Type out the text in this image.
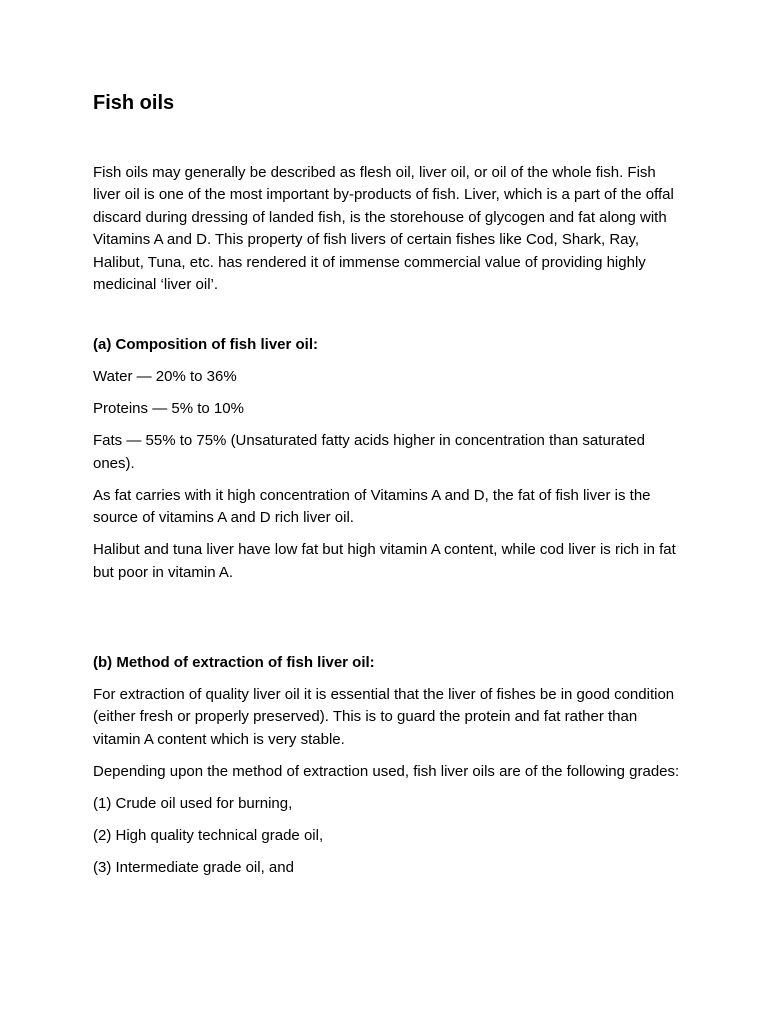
Fish oils

Fish oils may generally be described as flesh oil, liver oil, or oil of the whole fish. Fish liver oil is one of the most important by-products of fish. Liver, which is a part of the offal discard during dressing of landed fish, is the storehouse of glycogen and fat along with Vitamins A and D. This property of fish livers of certain fishes like Cod, Shark, Ray, Halibut, Tuna, etc. has rendered it of immense commercial value of providing highly medicinal ‘liver oil’.

(a) Composition of fish liver oil:

Water — 20% to 36%

Proteins — 5% to 10%

Fats — 55% to 75% (Unsaturated fatty acids higher in concentration than saturated ones).

As fat carries with it high concentration of Vitamins A and D, the fat of fish liver is the source of vitamins A and D rich liver oil.

Halibut and tuna liver have low fat but high vitamin A content, while cod liver is rich in fat but poor in vitamin A.

(b) Method of extraction of fish liver oil:

For extraction of quality liver oil it is essential that the liver of fishes be in good condition (either fresh or properly preserved). This is to guard the protein and fat rather than vitamin A content which is very stable.

Depending upon the method of extraction used, fish liver oils are of the following grades:

(1) Crude oil used for burning,

(2) High quality technical grade oil,

(3) Intermediate grade oil, and
